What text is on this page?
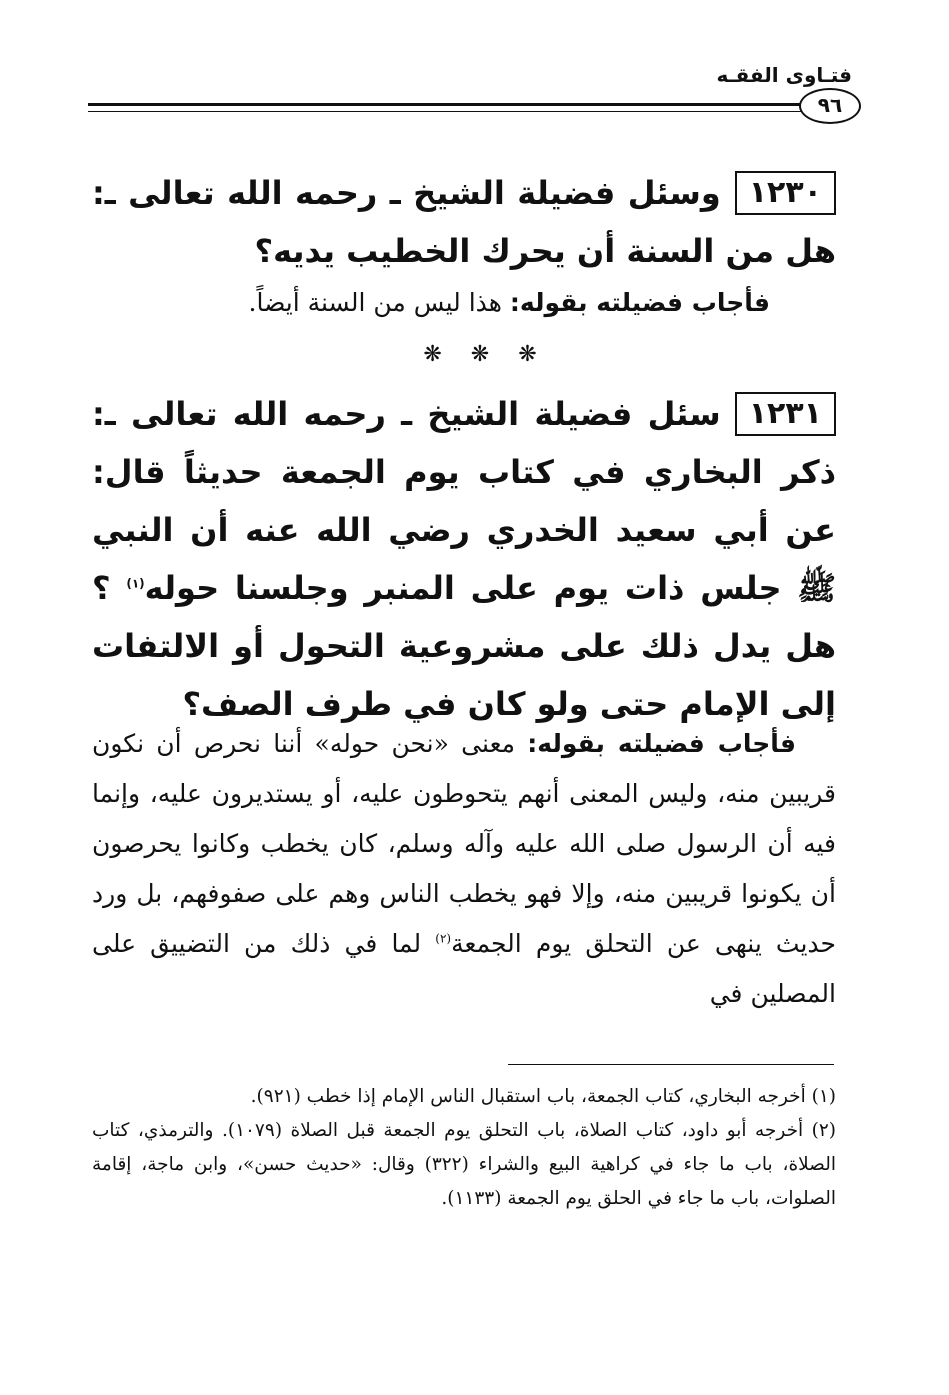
فتـاوى الفقـه
٩٦
١٢٣٠وسئل فضيلة الشيخ ـ رحمه الله تعالى ـ: هل من السنة أن يحرك الخطيب يديه؟
فأجاب فضيلته بقوله: هذا ليس من السنة أيضاً.
❋ ❋ ❋
١٢٣١سئل فضيلة الشيخ ـ رحمه الله تعالى ـ: ذكر البخاري في كتاب يوم الجمعة حديثاً قال: عن أبي سعيد الخدري رضي الله عنه أن النبي ﷺ جلس ذات يوم على المنبر وجلسنا حوله$^{(١)}$ ؟ هل يدل ذلك على مشروعية التحول أو الالتفات إلى الإمام حتى ولو كان في طرف الصف؟
فأجاب فضيلته بقوله: معنى «نحن حوله» أننا نحرص أن نكون قريبين منه، وليس المعنى أنهم يتحوطون عليه، أو يستديرون عليه، وإنما فيه أن الرسول صلى الله عليه وآله وسلم، كان يخطب وكانوا يحرصون أن يكونوا قريبين منه، وإلا فهو يخطب الناس وهم على صفوفهم، بل ورد حديث ينهى عن التحلق يوم الجمعة$^{(٢)}$ لما في ذلك من التضييق على المصلين في

(١) أخرجه البخاري، كتاب الجمعة، باب استقبال الناس الإمام إذا خطب (٩٢١).

(٢) أخرجه أبو داود، كتاب الصلاة، باب التحلق يوم الجمعة قبل الصلاة (١٠٧٩). والترمذي، كتاب الصلاة، باب ما جاء في كراهية البيع والشراء (٣٢٢) وقال: «حديث حسن»، وابن ماجة، إقامة الصلوات، باب ما جاء في الحلق يوم الجمعة (١١٣٣).
